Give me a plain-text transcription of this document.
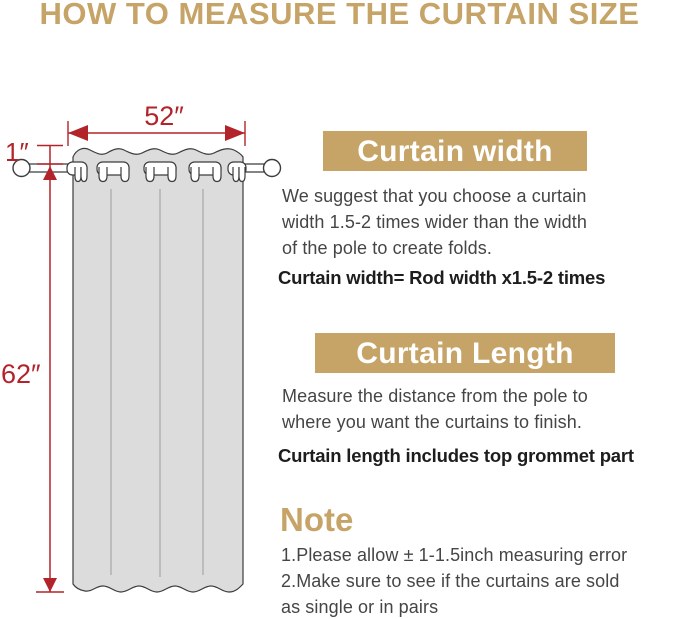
HOW TO MEASURE THE CURTAIN SIZE
52″
1″
62″
Curtain width
We suggest that you choose a curtain
width 1.5-2 times wider than the width
of the pole to create folds.
Curtain width= Rod width x1.5-2 times
Curtain Length
Measure the distance from the pole to
where you want the curtains to finish.
Curtain length includes top grommet part
Note
1.Please allow ± 1-1.5inch measuring error
2.Make sure to see if the curtains are sold
as single or in pairs
